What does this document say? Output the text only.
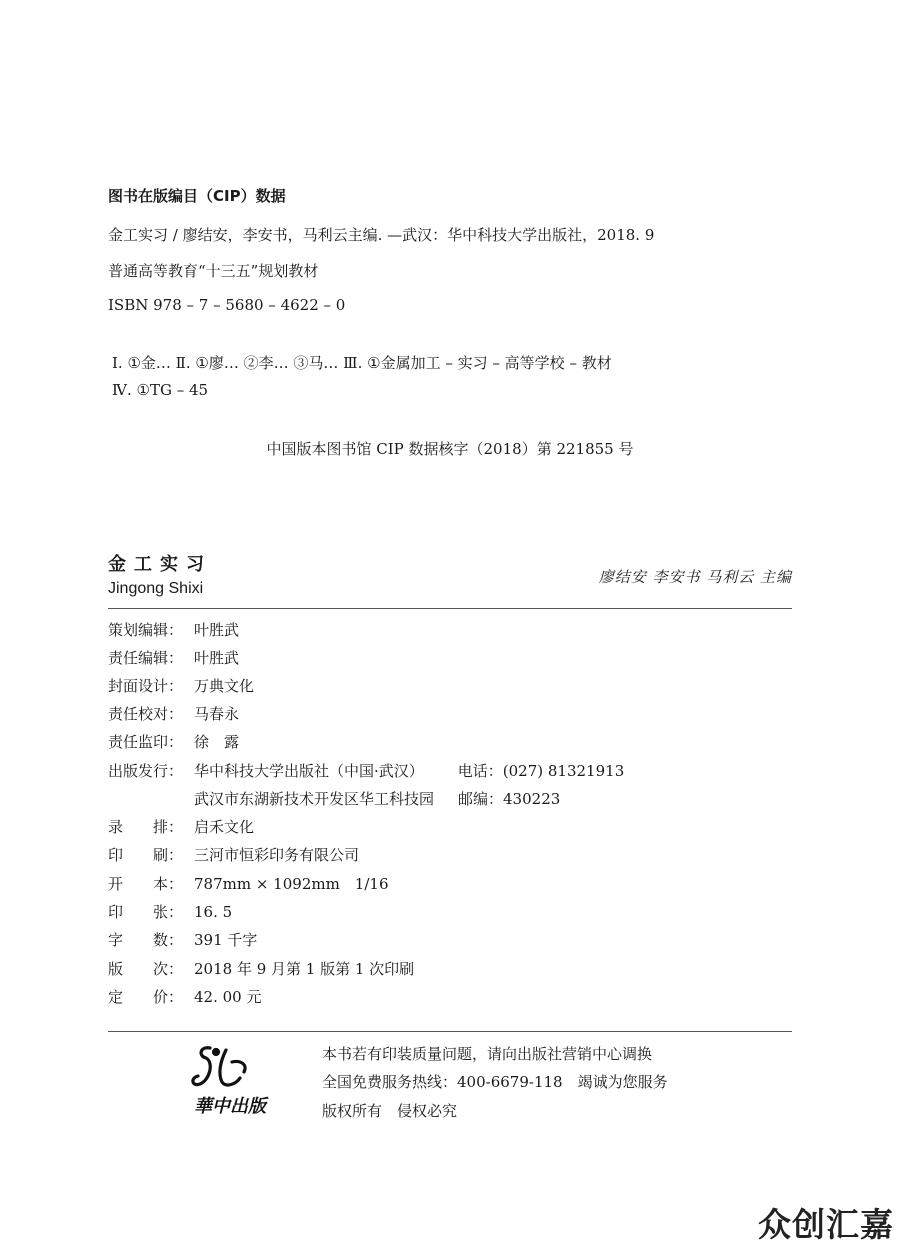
图书在版编目（CIP）数据
金工实习 / 廖结安，李安书，马利云主编. —武汉：华中科技大学出版社，2018. 9
普通高等教育“十三五”规划教材
ISBN 978 – 7 – 5680 – 4622 – 0
Ⅰ. ①金… Ⅱ. ①廖… ②李… ③马… Ⅲ. ①金属加工 – 实习 – 高等学校 – 教材
Ⅳ. ①TG – 45
中国版本图书馆 CIP 数据核字（2018）第 221855 号
金工实习
Jingong Shixi
廖结安 李安书 马利云 主编
策划编辑： 叶胜武
责任编辑： 叶胜武
封面设计： 万典文化
责任校对： 马春永
责任监印： 徐　露
出版发行： 华中科技大学出版社（中国·武汉） 电话：(027) 81321913
武汉市东湖新技术开发区华工科技园 邮编：430223
录　　排： 启禾文化
印　　刷： 三河市恒彩印务有限公司
开　　本： 787mm × 1092mm　1/16
印　　张： 16. 5
字　　数： 391 千字
版　　次： 2018 年 9 月第 1 版第 1 次印刷
定　　价： 42. 00 元
華中出版
本书若有印装质量问题，请向出版社营销中心调换
全国免费服务热线：400-6679-118　竭诚为您服务
版权所有　侵权必究
众创汇嘉
